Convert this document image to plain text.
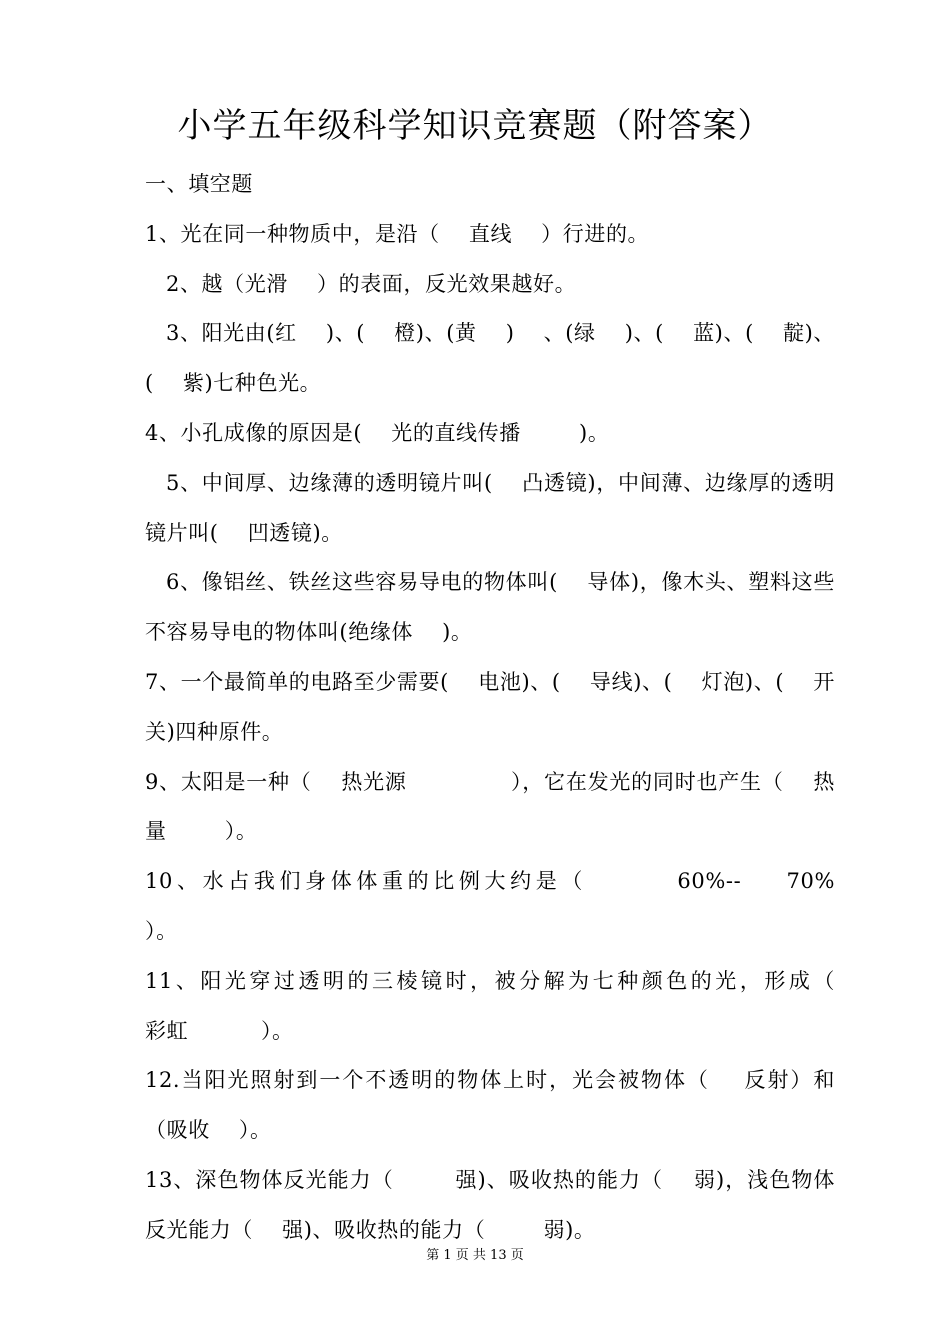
小学五年级科学知识竞赛题（附答案）

一、填空题

1、光在同一种物质中，是沿（    直线    ）行进的。

2、越（光滑    ）的表面，反光效果越好。

3、阳光由(红    )、(    橙)、(黄    )    、(绿    )、(    蓝)、(    靛)、(    紫)七种色光。

4、小孔成像的原因是(    光的直线传播        )。

5、中间厚、边缘薄的透明镜片叫(    凸透镜)，中间薄、边缘厚的透明镜片叫(    凹透镜)。

6、像铝丝、铁丝这些容易导电的物体叫(    导体)，像木头、塑料这些不容易导电的物体叫(绝缘体    )。

7、一个最简单的电路至少需要(    电池)、(    导线)、(    灯泡)、(    开关)四种原件。

9、太阳是一种（    热光源              ），它在发光的同时也产生（    热量        ）。

10、水占我们身体体重的比例大约是（        60%--    70%              ）。

11、阳光穿过透明的三棱镜时，被分解为七种颜色的光，形成（            彩虹          ）。

12.当阳光照射到一个不透明的物体上时，光会被物体（    反射）和（吸收    ）。

13、深色物体反光能力（        强)、吸收热的能力（    弱)，浅色物体反光能力（    强)、吸收热的能力（        弱)。

第 1 页 共 13 页
